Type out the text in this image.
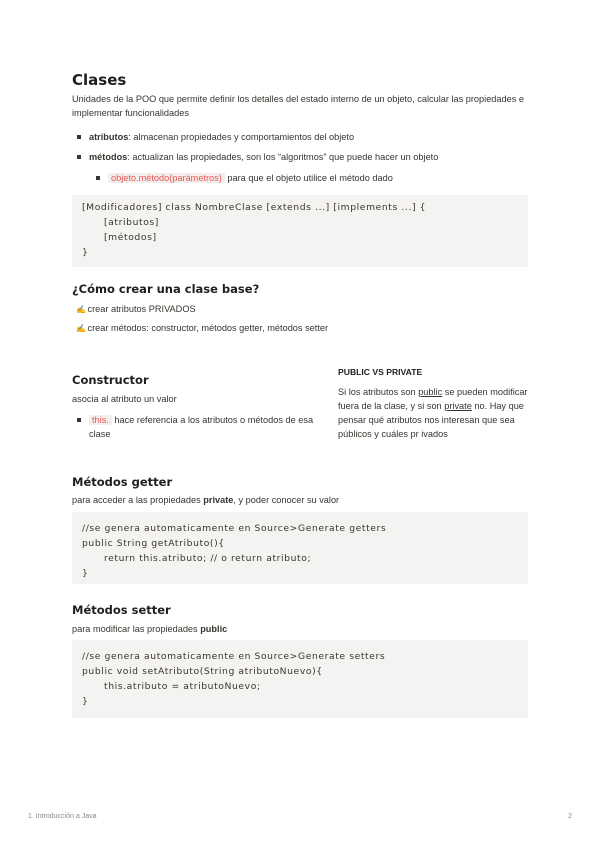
Clases

Unidades de la POO que permite definir los detalles del estado interno de un objeto, calcular las propiedades e implementar funcionalidades

atributos: almacenan propiedades y comportamientos del objeto
métodos: actualizan las propiedades, son los “algoritmos” que puede hacer un objeto
objeto.método(parámetros) para que el objeto utilice el método dado
[Modificadores] class NombreClase [extends ...] [implements ...] {
[atributos]
[métodos]
}
¿Cómo crear una clase base?
✍️ crear atributos PRIVADOS
✍️ crear métodos: constructor, métodos getter, métodos setter
Constructor

asocia al atributo un valor

this. hace referencia a los atributos o métodos de esa clase
PUBLIC VS PRIVATE

Si los atributos son public se pueden modificar fuera de la clase, y si son private no. Hay que pensar qué atributos nos interesan que sea públicos y cuáles pr ivados

Métodos getter

para acceder a las propiedades private, y poder conocer su valor

//se genera automaticamente en Source>Generate getters
public String getAtributo(){
return this.atributo; // o return atributo;
}
Métodos setter

para modificar las propiedades public

//se genera automaticamente en Source>Generate setters
public void setAtributo(String atributoNuevo){
this.atributo = atributoNuevo;
}
1. Introducción a Java	2
